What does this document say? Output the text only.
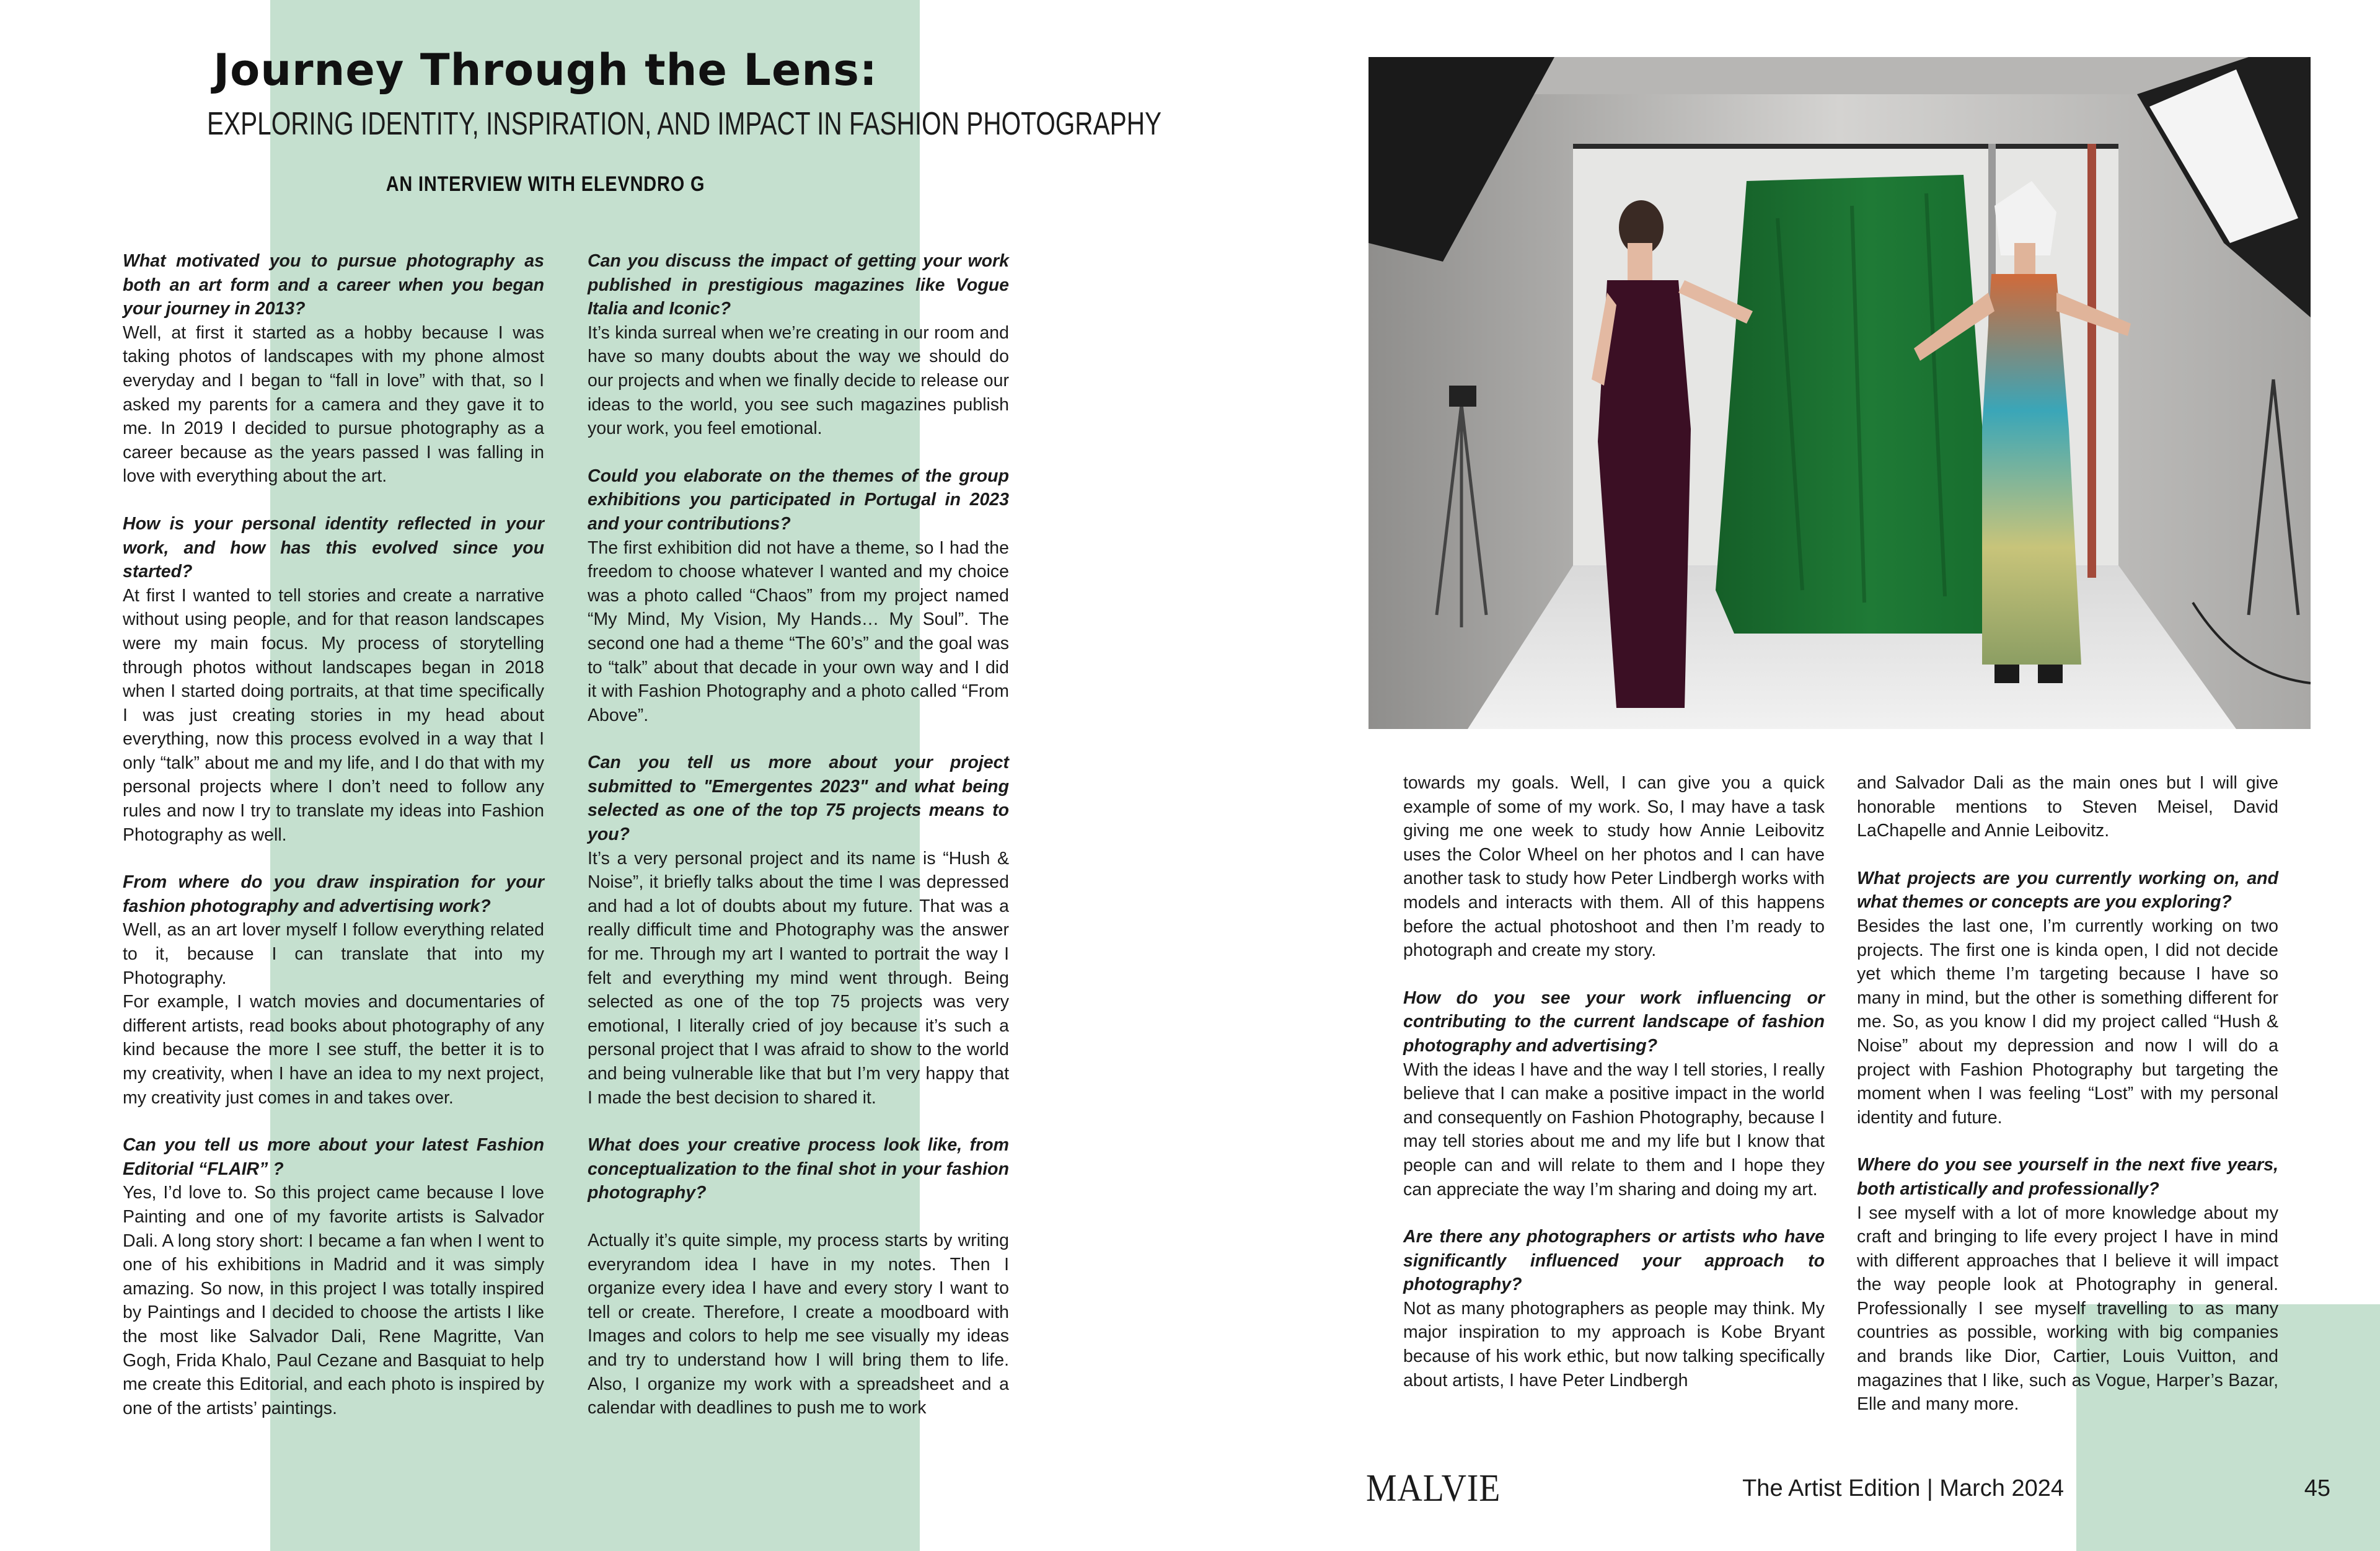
Journey Through the Lens:
EXPLORING IDENTITY, INSPIRATION, AND IMPACT IN FASHION PHOTOGRAPHY
AN INTERVIEW WITH ELEVNDRO G

What motivated you to pursue photography as both an art form and a career when you began your journey in 2013?

Well, at first it started as a hobby because I was taking photos of landscapes with my phone almost everyday and I began to “fall in love” with that, so I asked my parents for a camera and they gave it to me. In 2019 I decided to pursue photography as a career because as the years passed I was falling in love with everything about the art.

How is your personal identity reflected in your work, and how has this evolved since you started?

At first I wanted to tell stories and create a narrative without using people, and for that reason landscapes were my main focus. My process of storytelling through photos without landscapes began in 2018 when I started doing portraits, at that time specifically I was just creating stories in my head about everything, now this process evolved in a way that I only “talk” about me and my life, and I do that with my personal projects where I don’t need to follow any rules and now I try to translate my ideas into Fashion Photography as well.

From where do you draw inspiration for your fashion photography and advertising work?

Well, as an art lover myself I follow everything related to it, because I can translate that into my Photography.

For example, I watch movies and documentaries of different artists, read books about photography of any kind because the more I see stuff, the better it is to my creativity, when I have an idea to my next project, my creativity just comes in and takes over.

Can you tell us more about your latest Fashion Editorial “FLAIR” ?

Yes, I’d love to. So this project came because I love Painting and one of my favorite artists is Salvador Dali. A long story short: I became a fan when I went to one of his exhibitions in Madrid and it was simply amazing. So now, in this project I was totally inspired by Paintings and I decided to choose the artists I like the most like Salvador Dali, Rene Magritte, Van Gogh, Frida Khalo, Paul Cezane and Basquiat to help me create this Editorial, and each photo is inspired by one of the artists’ paintings.

Can you discuss the impact of getting your work published in prestigious magazines like Vogue Italia and Iconic?

It’s kinda surreal when we’re creating in our room and have so many doubts about the way we should do our projects and when we finally decide to release our ideas to the world, you see such magazines publish your work, you feel emotional.

Could you elaborate on the themes of the group exhibitions you participated in Portugal in 2023 and your contributions?

The first exhibition did not have a theme, so I had the freedom to choose whatever I wanted and my choice was a photo called “Chaos” from my project named “My Mind, My Vision, My Hands… My Soul”. The second one had a theme “The 60’s” and the goal was to “talk” about that decade in your own way and I did it with Fashion Photography and a photo called “From Above”.

Can you tell us more about your project submitted to "Emergentes 2023" and what being selected as one of the top 75 projects means to you?

It’s a very personal project and its name is “Hush & Noise”, it briefly talks about the time I was depressed and had a lot of doubts about my future. That was a really difficult time and Photography was the answer for me. Through my art I wanted to portrait the way I felt and everything my mind went through. Being selected as one of the top 75 projects was very emotional, I literally cried of joy because it’s such a personal project that I was afraid to show to the world and being vulnerable like that but I’m very happy that I made the best decision to shared it.

What does your creative process look like, from conceptualization to the final shot in your fashion photography?

Actually it’s quite simple, my process starts by writing everyrandom idea I have in my notes. Then I organize every idea I have and every story I want to tell or create. Therefore, I create a moodboard with Images and colors to help me see visually my ideas and try to understand how I will bring them to life. Also, I organize my work with a spreadsheet and a calendar with deadlines to push me to work

towards my goals. Well, I can give you a quick example of some of my work. So, I may have a task giving me one week to study how Annie Leibovitz uses the Color Wheel on her photos and I can have another task to study how Peter Lindbergh works with models and interacts with them. All of this happens before the actual photoshoot and then I’m ready to photograph and create my story.

How do you see your work influencing or contributing to the current landscape of fashion photography and advertising?

With the ideas I have and the way I tell stories, I really believe that I can make a positive impact in the world and consequently on Fashion Photography, because I may tell stories about me and my life but I know that people can and will relate to them and I hope they can appreciate the way I’m sharing and doing my art.

Are there any photographers or artists who have significantly influenced your approach to photography?

Not as many photographers as people may think. My major inspiration to my approach is Kobe Bryant because of his work ethic, but now talking specifically about artists, I have Peter Lindbergh

and Salvador Dali as the main ones but I will give honorable mentions to Steven Meisel, David LaChapelle and Annie Leibovitz.

What projects are you currently working on, and what themes or concepts are you exploring?

Besides the last one, I’m currently working on two projects. The first one is kinda open, I did not decide yet which theme I’m targeting because I have so many in mind, but the other is something different for me. So, as you know I did my project called “Hush & Noise” about my depression and now I will do a project with Fashion Photography but targeting the moment when I was feeling “Lost” with my personal identity and future.

Where do you see yourself in the next five years, both artistically and professionally?

I see myself with a lot of more knowledge about my craft and bringing to life every project I have in mind with different approaches that I believe it will impact the way people look at Photography in general. Professionally I see myself travelling to as many countries as possible, working with big companies and brands like Dior, Cartier, Louis Vuitton, and magazines that I like, such as Vogue, Harper’s Bazar, Elle and many more.

MALVIE	The Artist Edition | March 2024	45
